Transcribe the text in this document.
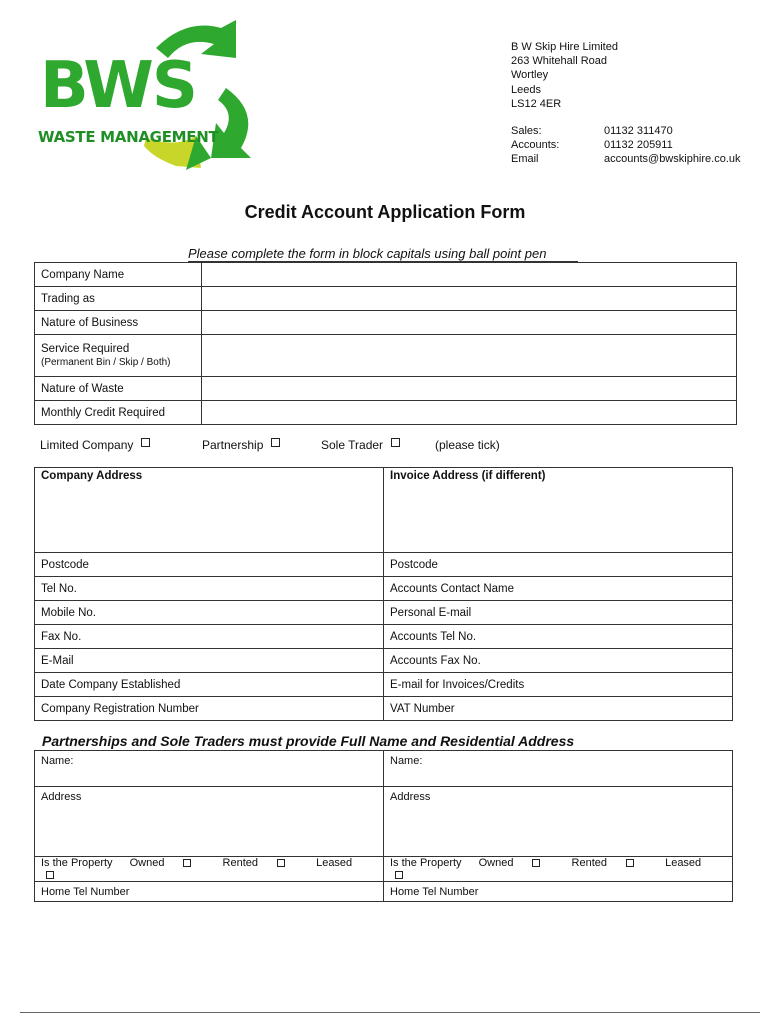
BWS
WASTE MANAGEMENT
B W Skip Hire Limited
263 Whitehall Road
Wortley
Leeds
LS12 4ER
Sales:	01132 311470
Accounts:	01132 205911
Email	accounts@bwskiphire.co.uk
Credit Account Application Form
Please complete the form in block capitals using ball point pen
Company Name	
Trading as	
Nature of Business	
Service Required
(Permanent Bin / Skip / Both)	

Nature of Waste	
Monthly Credit Required	
Limited Company	Partnership	Sole Trader	(please tick)
Company Address	Invoice Address (if different)
Postcode	Postcode
Tel No.	Accounts Contact Name
Mobile No.	Personal E-mail
Fax No.	Accounts Tel No.
E-Mail	Accounts Fax No.
Date Company Established	E-mail for Invoices/Credits
Company Registration Number	VAT Number
Partnerships and Sole Traders must provide Full Name and Residential Address
Name:	Name:
Address	Address
Is the Property Owned Rented Leased	Is the Property Owned Rented Leased
Home Tel Number	Home Tel Number
